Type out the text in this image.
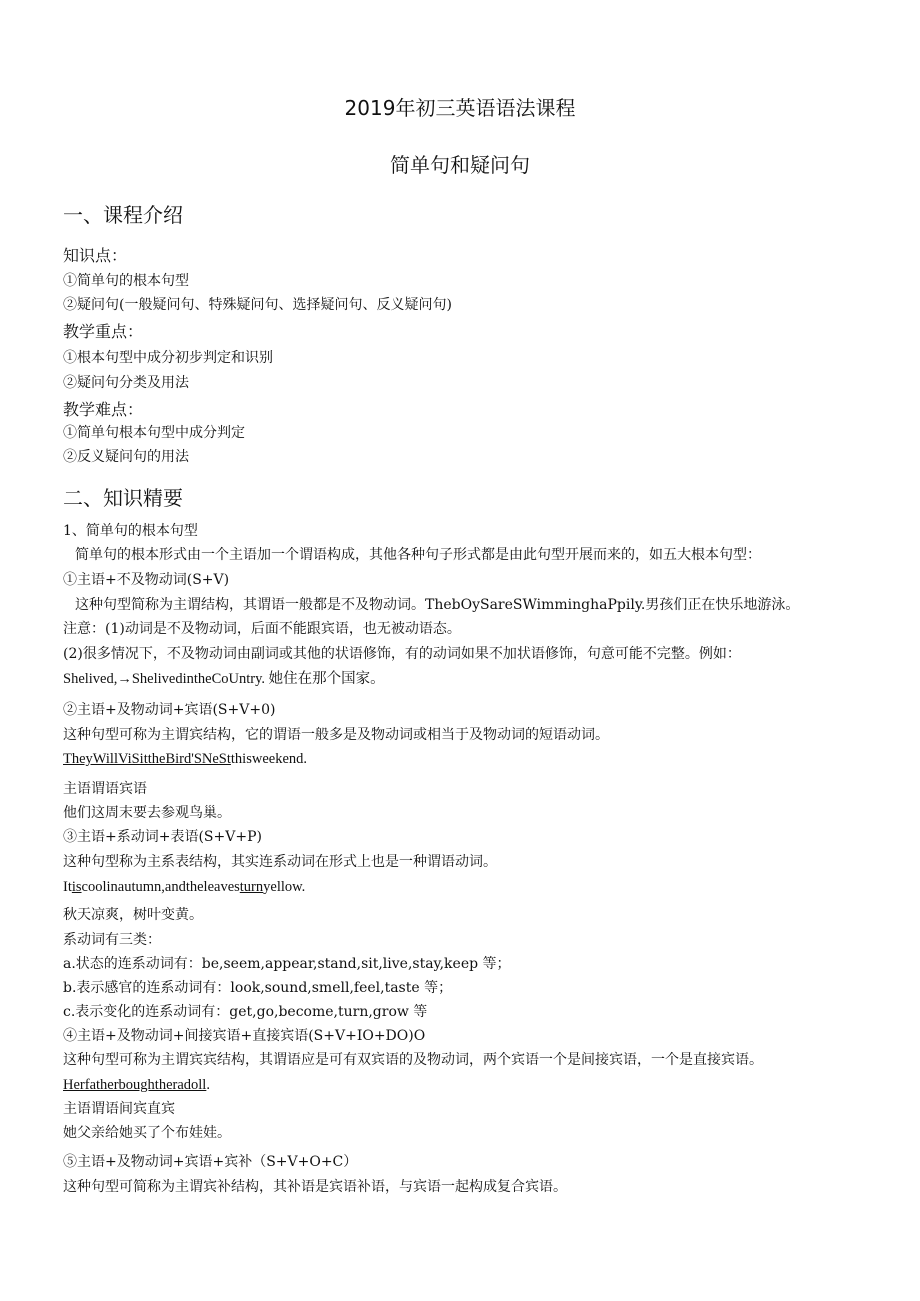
2019年初三英语语法课程
简单句和疑问句
一、课程介绍
知识点：
①简单句的根本句型
②疑问句(一般疑问句、特殊疑问句、选择疑问句、反义疑问句)
教学重点：
①根本句型中成分初步判定和识别
②疑问句分类及用法
教学难点：
①简单句根本句型中成分判定
②反义疑问句的用法
二、知识精要
1、简单句的根本句型
简单句的根本形式由一个主语加一个谓语构成，其他各种句子形式都是由此句型开展而来的，如五大根本句型：
①主语+不及物动词(S+V)
这种句型简称为主谓结构，其谓语一般都是不及物动词。ThebOySareSWimminghaPpily.男孩们正在快乐地游泳。
注意：(1)动词是不及物动词，后面不能跟宾语，也无被动语态。
(2)很多情况下，不及物动词由副词或其他的状语修饰，有的动词如果不加状语修饰，句意可能不完整。例如：
Shelived,→ShelivedintheCoUntry. 她住在那个国家。
②主语+及物动词+宾语(S+V+0)
这种句型可称为主谓宾结构，它的谓语一般多是及物动词或相当于及物动词的短语动词。
TheyWillViSittheBird'SNeStthisweekend.
主语谓语宾语
他们这周末要去参观鸟巢。
③主语+系动词+表语(S+V+P)
这种句型称为主系表结构，其实连系动词在形式上也是一种谓语动词。
Itiscoolinautumn,andtheleavesturnyellow.
秋天凉爽，树叶变黄。
系动词有三类：
a.状态的连系动词有：be,seem,appear,stand,sit,live,stay,keep 等；
b.表示感官的连系动词有：look,sound,smell,feel,taste 等；
c.表示变化的连系动词有：get,go,become,turn,grow 等
④主语+及物动词+间接宾语+直接宾语(S+V+IO+DO)O
这种句型可称为主谓宾宾结构，其谓语应是可有双宾语的及物动词，两个宾语一个是间接宾语，一个是直接宾语。
Herfatherboughtheradoll.
主语谓语间宾直宾
她父亲给她买了个布娃娃。
⑤主语+及物动词+宾语+宾补（S+V+O+C）
这种句型可简称为主谓宾补结构，其补语是宾语补语，与宾语一起构成复合宾语。
